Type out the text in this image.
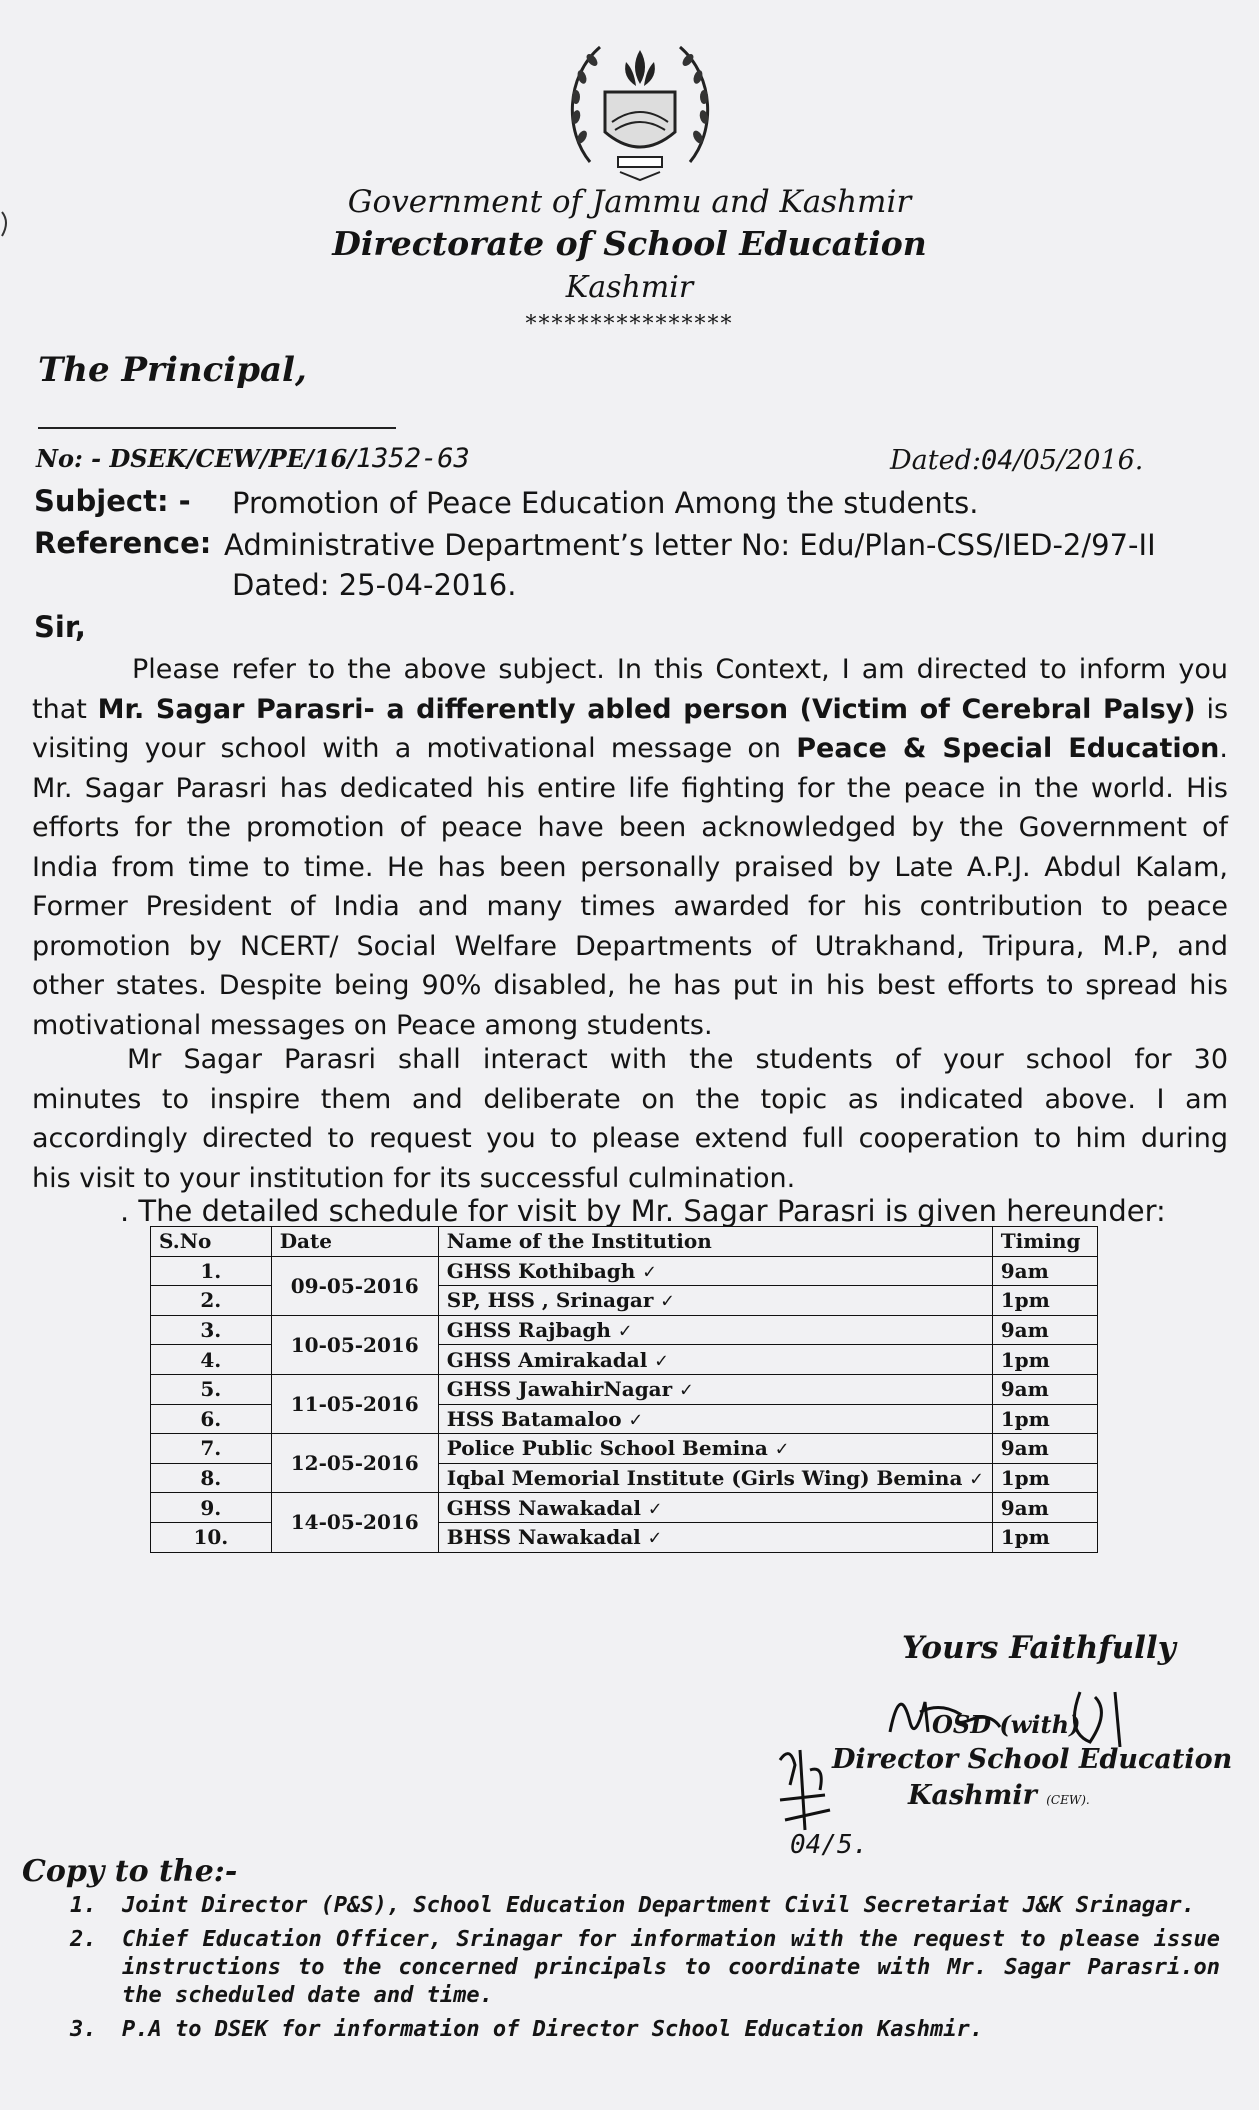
Government of Jammu and Kashmir
Directorate of School Education
Kashmir
****************
The Principal,
No: - DSEK/CEW/PE/16/1352-63	Dated:04/05/2016.
Subject: - Promotion of Peace Education Among the students.
Reference: Administrative Department’s letter No: Edu/Plan-CSS/IED-2/97-II
Dated: 25-04-2016.
Sir,
Please refer to the above subject. In this Context, I am directed to inform you
that Mr. Sagar Parasri- a differently abled person (Victim of Cerebral Palsy) is
visiting your school with a motivational message on Peace & Special Education.
Mr. Sagar Parasri has dedicated his entire life fighting for the peace in the world. His
efforts for the promotion of peace have been acknowledged by the Government of
India from time to time. He has been personally praised by Late A.P.J. Abdul Kalam,
Former President of India and many times awarded for his contribution to peace
promotion by NCERT/ Social Welfare Departments of Utrakhand, Tripura, M.P, and
other states. Despite being 90% disabled, he has put in his best efforts to spread his
motivational messages on Peace among students.
Mr Sagar Parasri shall interact with the students of your school for 30
minutes to inspire them and deliberate on the topic as indicated above. I am
accordingly directed to request you to please extend full cooperation to him during
his visit to your institution for its successful culmination.
. The detailed schedule for visit by Mr. Sagar Parasri is given hereunder:
S.No	Date	Name of the Institution	Timing
1.	09-05-2016	GHSS Kothibagh ✓	9am
2.		SP, HSS , Srinagar ✓	1pm
3.	10-05-2016	GHSS Rajbagh ✓	9am
4.		GHSS Amirakadal ✓	1pm
5.	11-05-2016	GHSS JawahirNagar ✓	9am
6.		HSS Batamaloo ✓	1pm
7.	12-05-2016	Police Public School Bemina ✓	9am
8.		Iqbal Memorial Institute (Girls Wing) Bemina ✓	1pm
9.	14-05-2016	GHSS Nawakadal ✓	9am
10.		BHSS Nawakadal ✓	1pm
Yours Faithfully
OSD (with)
Director School Education
Kashmir (CEW).
04/5.
Copy to the:-
1.	Joint Director (P&S), School Education Department Civil Secretariat J&K Srinagar.
2.	Chief Education Officer, Srinagar for information with the request to please issue instructions to the concerned principals to coordinate with Mr. Sagar Parasri.on the scheduled date and time.
3.	P.A to DSEK for information of Director School Education Kashmir.
